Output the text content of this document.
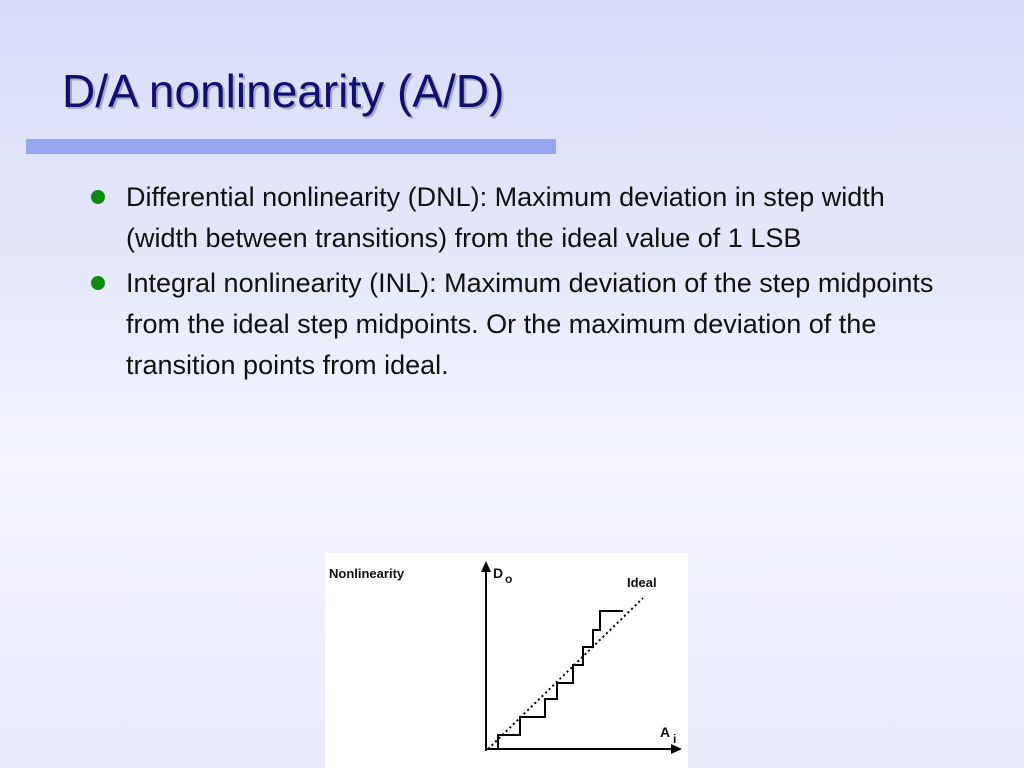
D/A nonlinearity (A/D)
Differential nonlinearity (DNL): Maximum deviation in step width (width between transitions) from the ideal value of 1 LSB
Integral nonlinearity (INL): Maximum deviation of the step midpoints from the ideal step midpoints. Or the maximum deviation of the transition points from ideal.
Nonlinearity	D o
A i
Ideal
